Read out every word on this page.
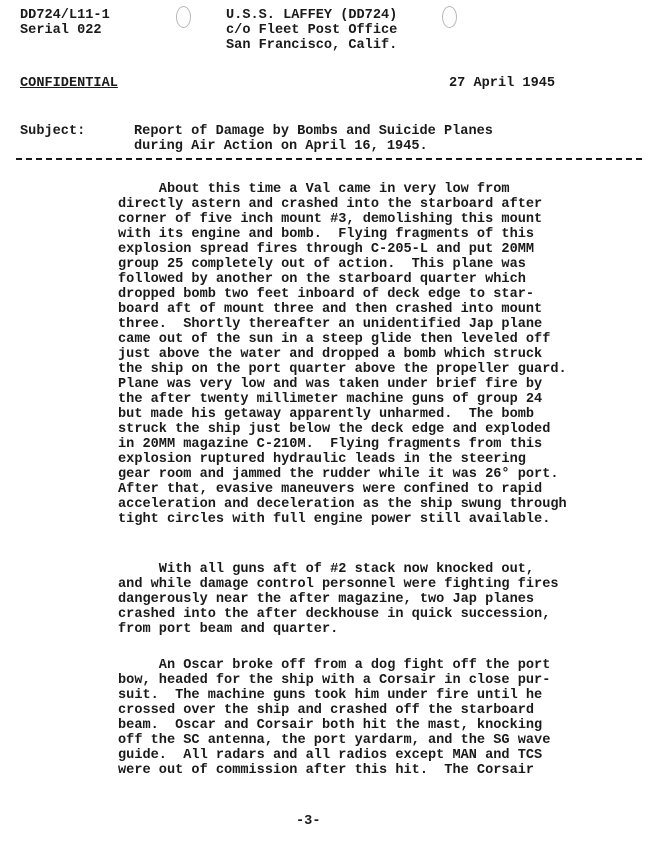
DD724/L11-1
Serial 022
U.S.S. LAFFEY (DD724)
c/o Fleet Post Office
San Francisco, Calif.
CONFIDENTIAL	27 April 1945
Subject:	Report of Damage by Bombs and Suicide Planes
during Air Action on April 16, 1945.
About this time a Val came in very low from
directly astern and crashed into the starboard after
corner of five inch mount #3, demolishing this mount
with its engine and bomb.  Flying fragments of this
explosion spread fires through C-205-L and put 20MM
group 25 completely out of action.  This plane was
followed by another on the starboard quarter which
dropped bomb two feet inboard of deck edge to star-
board aft of mount three and then crashed into mount
three.  Shortly thereafter an unidentified Jap plane
came out of the sun in a steep glide then leveled off
just above the water and dropped a bomb which struck
the ship on the port quarter above the propeller guard.
Plane was very low and was taken under brief fire by
the after twenty millimeter machine guns of group 24
but made his getaway apparently unharmed.  The bomb
struck the ship just below the deck edge and exploded
in 20MM magazine C-210M.  Flying fragments from this
explosion ruptured hydraulic leads in the steering
gear room and jammed the rudder while it was 26° port.
After that, evasive maneuvers were confined to rapid
acceleration and deceleration as the ship swung through
tight circles with full engine power still available.
With all guns aft of #2 stack now knocked out,
and while damage control personnel were fighting fires
dangerously near the after magazine, two Jap planes
crashed into the after deckhouse in quick succession,
from port beam and quarter.
An Oscar broke off from a dog fight off the port
bow, headed for the ship with a Corsair in close pur-
suit.  The machine guns took him under fire until he
crossed over the ship and crashed off the starboard
beam.  Oscar and Corsair both hit the mast, knocking
off the SC antenna, the port yardarm, and the SG wave
guide.  All radars and all radios except MAN and TCS
were out of commission after this hit.  The Corsair
-3-
